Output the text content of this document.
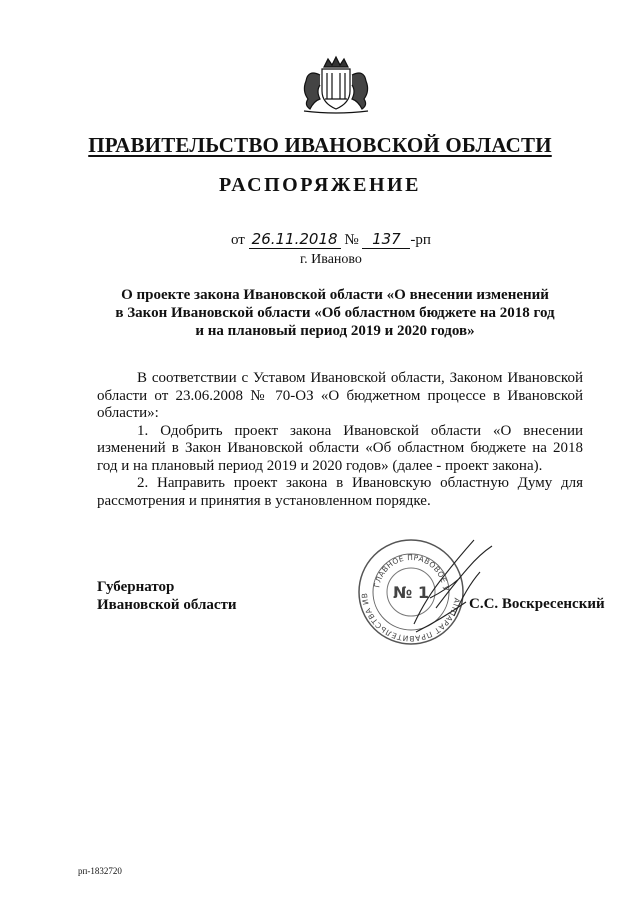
ПРАВИТЕЛЬСТВО ИВАНОВСКОЙ ОБЛАСТИ
РАСПОРЯЖЕНИЕ
от 26.11.2018 № 137 -рп
г. Иваново
О проекте закона Ивановской области «О внесении изменений
в Закон Ивановской области «Об областном бюджете на 2018 год
и на плановый период 2019 и 2020 годов»

В соответствии с Уставом Ивановской области, Законом Ивановской области от 23.06.2008 № 70-ОЗ «О бюджетном процессе в Ивановской области»:

1. Одобрить проект закона Ивановской области «О внесении изменений в Закон Ивановской области «Об областном бюджете на 2018 год и на плановый период 2019 и 2020 годов» (далее - проект закона).

2. Направить проект закона в Ивановскую областную Думу для рассмотрения и принятия в установленном порядке.

Губернатор
Ивановской области	АППАРАТ ПРАВИТЕЛЬСТВА ИВ
ГЛАВНОЕ ПРАВОВОЕ У
№ 1
С.С. Воскресенский
рп-1832720
